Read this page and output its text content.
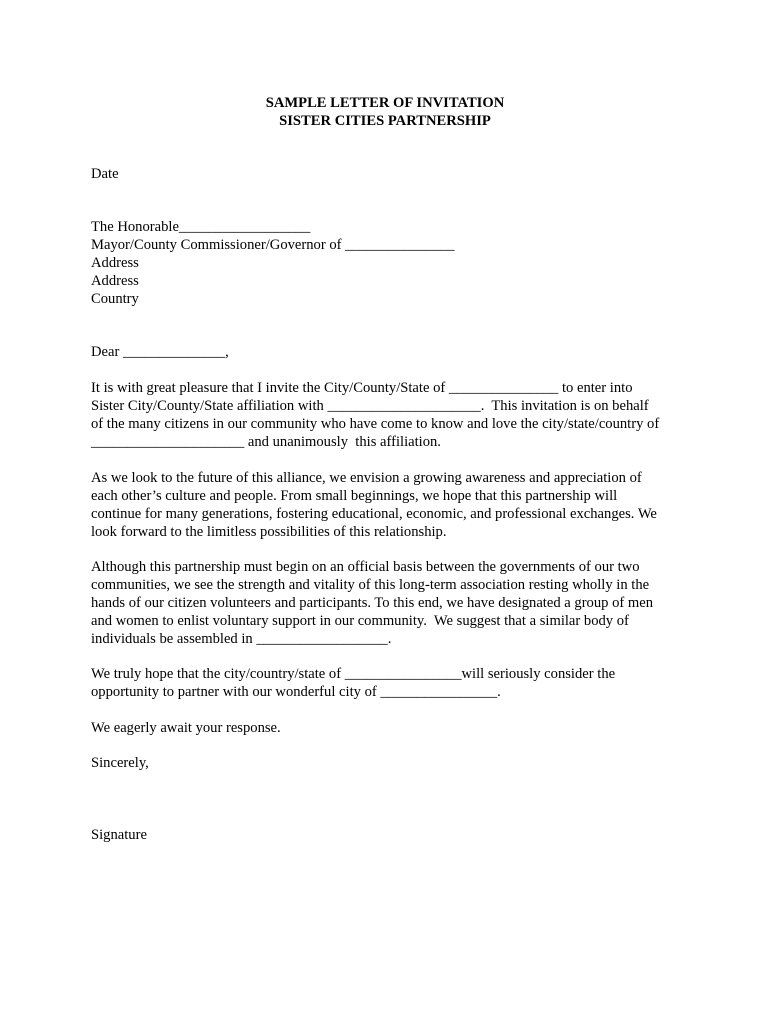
SAMPLE LETTER OF INVITATION
SISTER CITIES PARTNERSHIP
Date
The Honorable__________________
Mayor/County Commissioner/Governor of _______________
Address
Address
Country
Dear ______________,
It is with great pleasure that I invite the City/County/State of _______________ to enter into
Sister City/County/State affiliation with _____________________.  This invitation is on behalf
of the many citizens in our community who have come to know and love the city/state/country of
_____________________ and unanimously  this affiliation.
As we look to the future of this alliance, we envision a growing awareness and appreciation of
each other’s culture and people. From small beginnings, we hope that this partnership will
continue for many generations, fostering educational, economic, and professional exchanges. We
look forward to the limitless possibilities of this relationship.
Although this partnership must begin on an official basis between the governments of our two
communities, we see the strength and vitality of this long-term association resting wholly in the
hands of our citizen volunteers and participants. To this end, we have designated a group of men
and women to enlist voluntary support in our community.  We suggest that a similar body of
individuals be assembled in __________________.
We truly hope that the city/country/state of ________________will seriously consider the
opportunity to partner with our wonderful city of ________________.
We eagerly await your response.
Sincerely,
Signature
